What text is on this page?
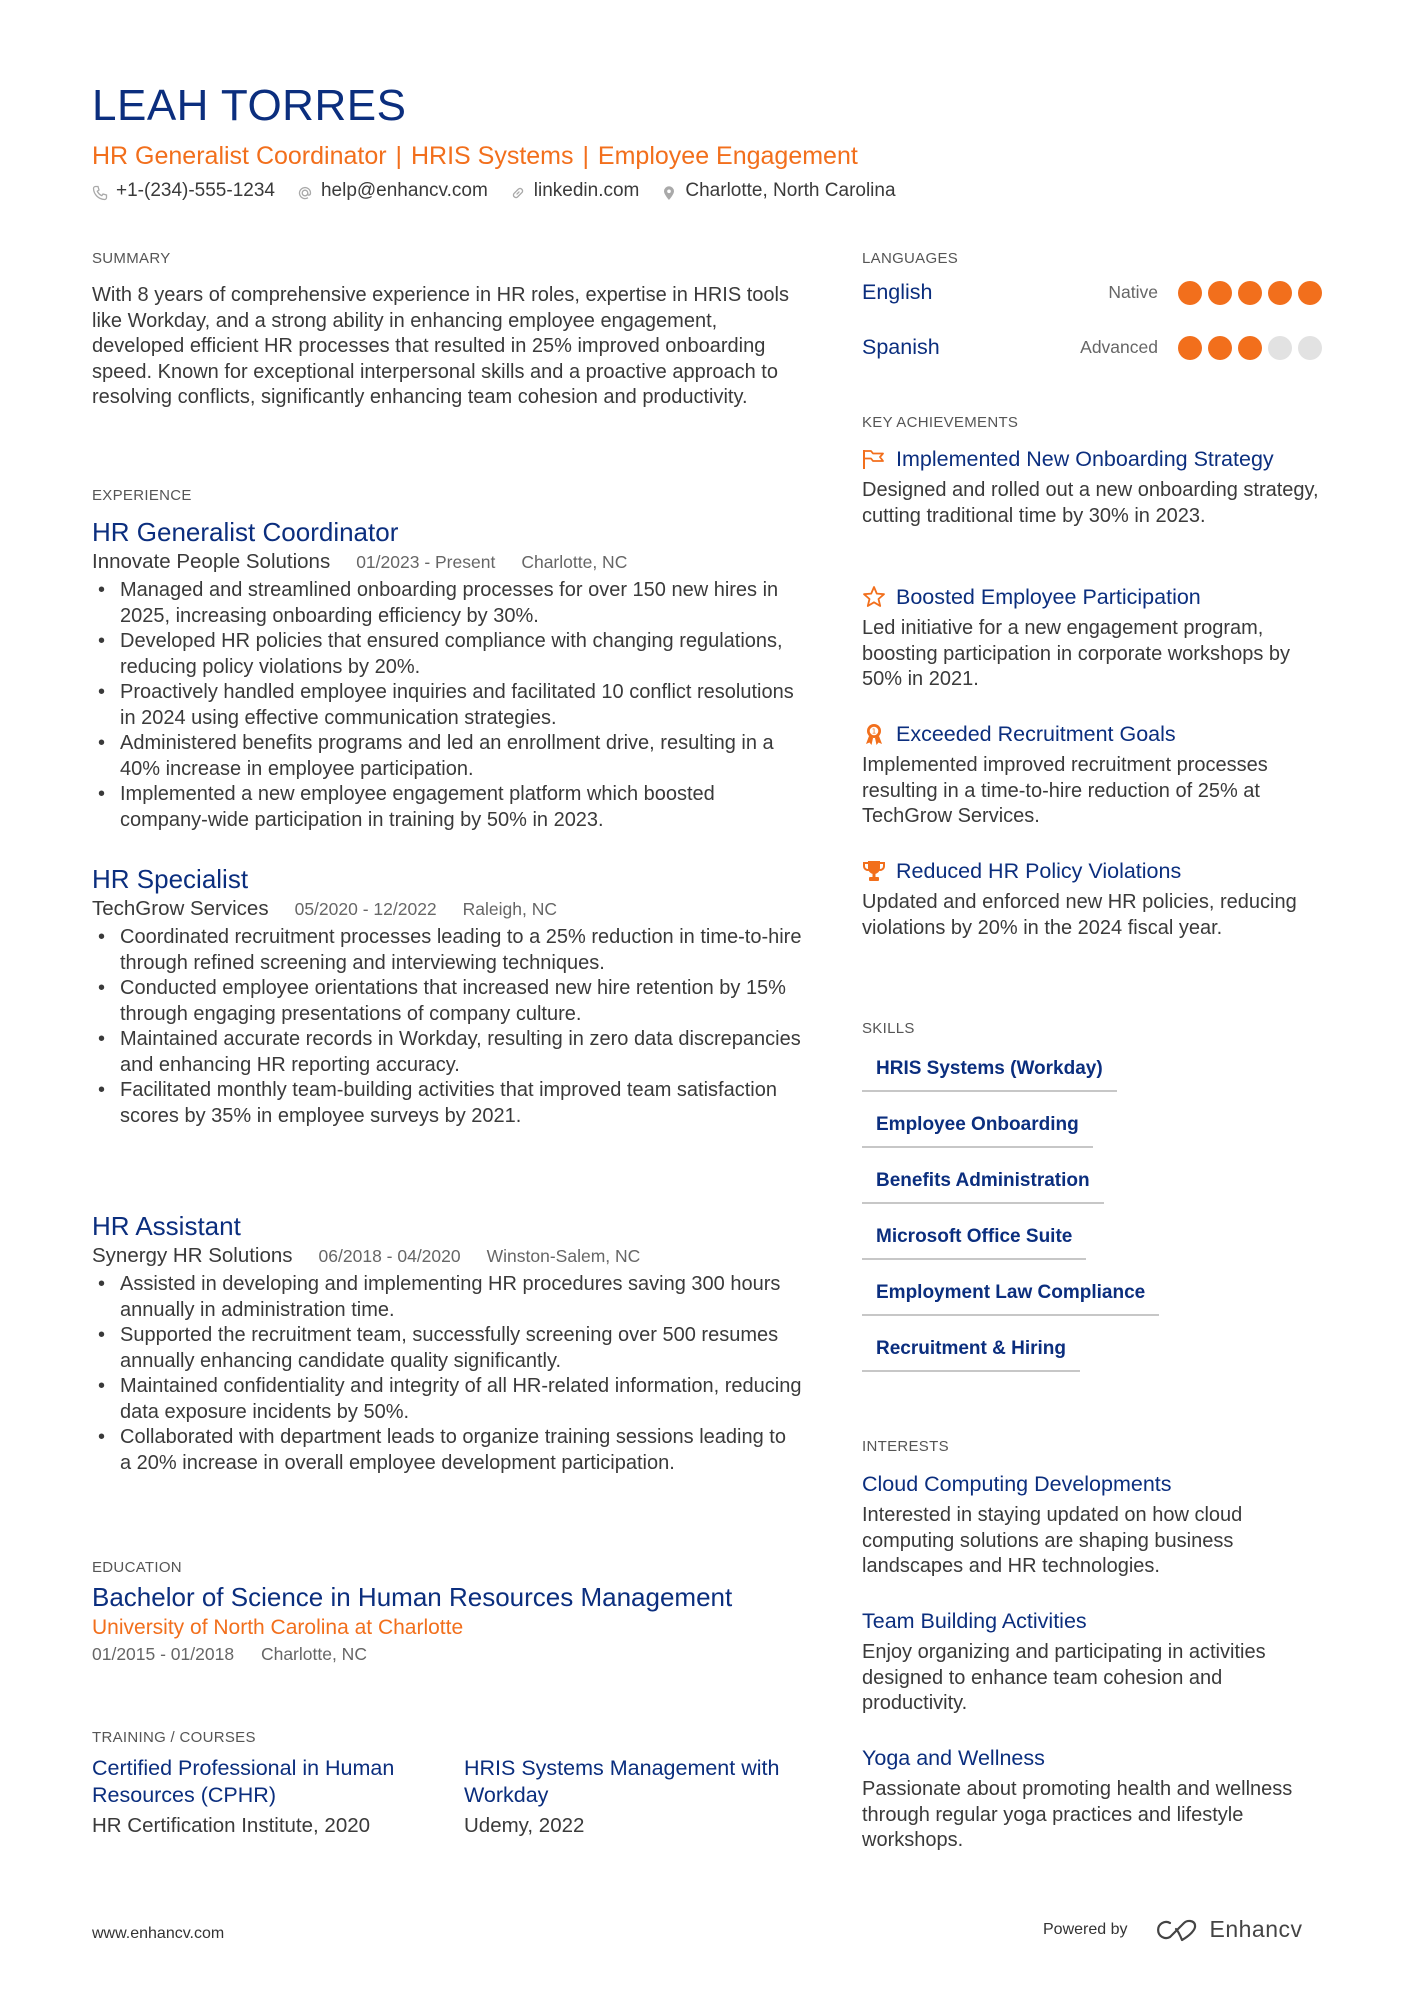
LEAH TORRES
HR Generalist Coordinator | HRIS Systems | Employee Engagement
+1-(234)-555-1234 help@enhancv.com linkedin.com Charlotte, North Carolina
SUMMARY
With 8 years of comprehensive experience in HR roles, expertise in HRIS tools like Workday, and a strong ability in enhancing employee engagement, developed efficient HR processes that resulted in 25% improved onboarding speed. Known for exceptional interpersonal skills and a proactive approach to resolving conflicts, significantly enhancing team cohesion and productivity.
EXPERIENCE
HR Generalist Coordinator
Innovate People Solutions 01/2023 - Present Charlotte, NC
• Managed and streamlined onboarding processes for over 150 new hires in 2025, increasing onboarding efficiency by 30%.
• Developed HR policies that ensured compliance with changing regulations, reducing policy violations by 20%.
• Proactively handled employee inquiries and facilitated 10 conflict resolutions in 2024 using effective communication strategies.
• Administered benefits programs and led an enrollment drive, resulting in a 40% increase in employee participation.
• Implemented a new employee engagement platform which boosted company-wide participation in training by 50% in 2023.
HR Specialist
TechGrow Services 05/2020 - 12/2022 Raleigh, NC
• Coordinated recruitment processes leading to a 25% reduction in time-to-hire through refined screening and interviewing techniques.
• Conducted employee orientations that increased new hire retention by 15% through engaging presentations of company culture.
• Maintained accurate records in Workday, resulting in zero data discrepancies and enhancing HR reporting accuracy.
• Facilitated monthly team-building activities that improved team satisfaction scores by 35% in employee surveys by 2021.
HR Assistant
Synergy HR Solutions 06/2018 - 04/2020 Winston-Salem, NC
• Assisted in developing and implementing HR procedures saving 300 hours annually in administration time.
• Supported the recruitment team, successfully screening over 500 resumes annually enhancing candidate quality significantly.
• Maintained confidentiality and integrity of all HR-related information, reducing data exposure incidents by 50%.
• Collaborated with department leads to organize training sessions leading to a 20% increase in overall employee development participation.
EDUCATION
Bachelor of Science in Human Resources Management
University of North Carolina at Charlotte
01/2015 - 01/2018 Charlotte, NC
TRAINING / COURSES
Certified Professional in Human Resources (CPHR)
HR Certification Institute, 2020
HRIS Systems Management with Workday
Udemy, 2022
LANGUAGES
English	Native
Spanish	Advanced
KEY ACHIEVEMENTS
Implemented New Onboarding Strategy
Designed and rolled out a new onboarding strategy, cutting traditional time by 30% in 2023.
Boosted Employee Participation
Led initiative for a new engagement program, boosting participation in corporate workshops by 50% in 2021.
1 Exceeded Recruitment Goals
Implemented improved recruitment processes resulting in a time-to-hire reduction of 25% at TechGrow Services.
Reduced HR Policy Violations
Updated and enforced new HR policies, reducing violations by 20% in the 2024 fiscal year.
SKILLS
HRIS Systems (Workday)
Employee Onboarding
Benefits Administration
Microsoft Office Suite
Employment Law Compliance
Recruitment & Hiring
INTERESTS
Cloud Computing Developments
Interested in staying updated on how cloud computing solutions are shaping business landscapes and HR technologies.
Team Building Activities
Enjoy organizing and participating in activities designed to enhance team cohesion and productivity.
Yoga and Wellness
Passionate about promoting health and wellness through regular yoga practices and lifestyle workshops.
www.enhancv.com	Powered by	Enhancv
